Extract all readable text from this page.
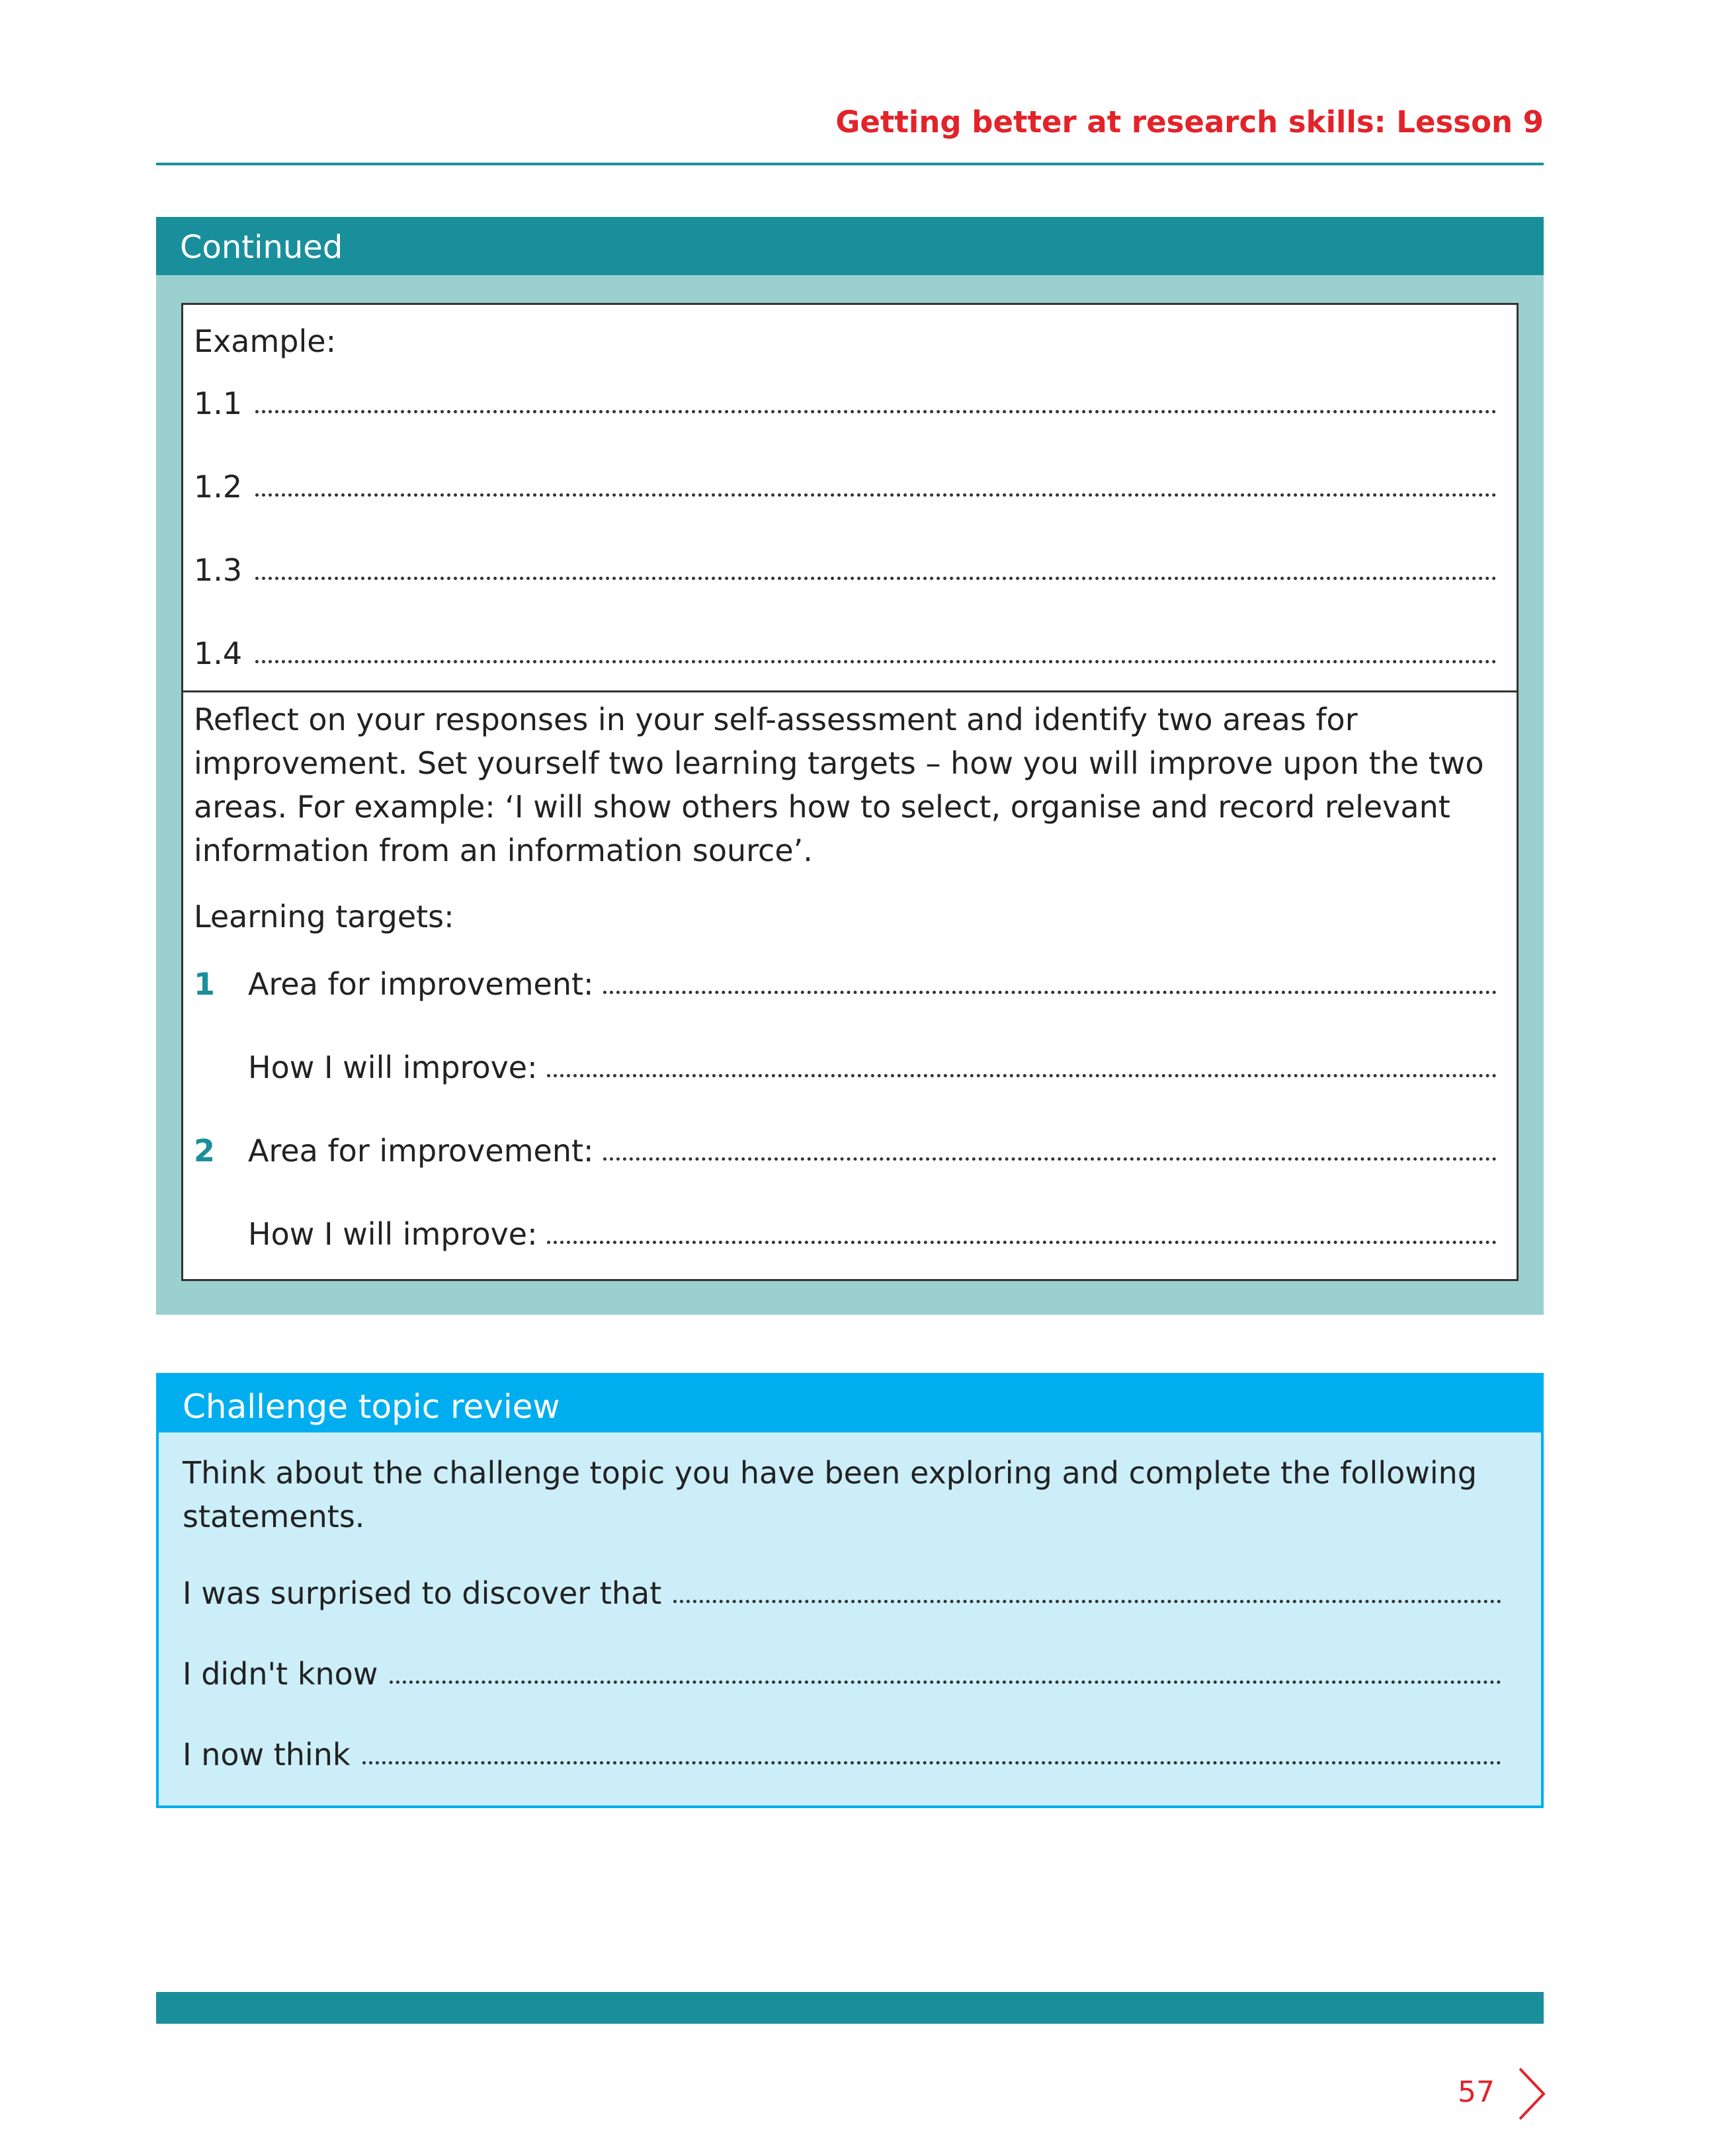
Getting better at research skills: Lesson 9
Continued
Example:
1.1
1.2
1.3
1.4

Reflect on your responses in your self-assessment and identify two areas for improvement. Set yourself two learning targets – how you will improve upon the two areas. For example: ‘I will show others how to select, organise and record relevant information from an information source’.

Learning targets:
1	Area for improvement:
How I will improve:
2	Area for improvement:
How I will improve:
Challenge topic review

Think about the challenge topic you have been exploring and complete the following statements.

I was surprised to discover that
I didn't know
I now think
57
